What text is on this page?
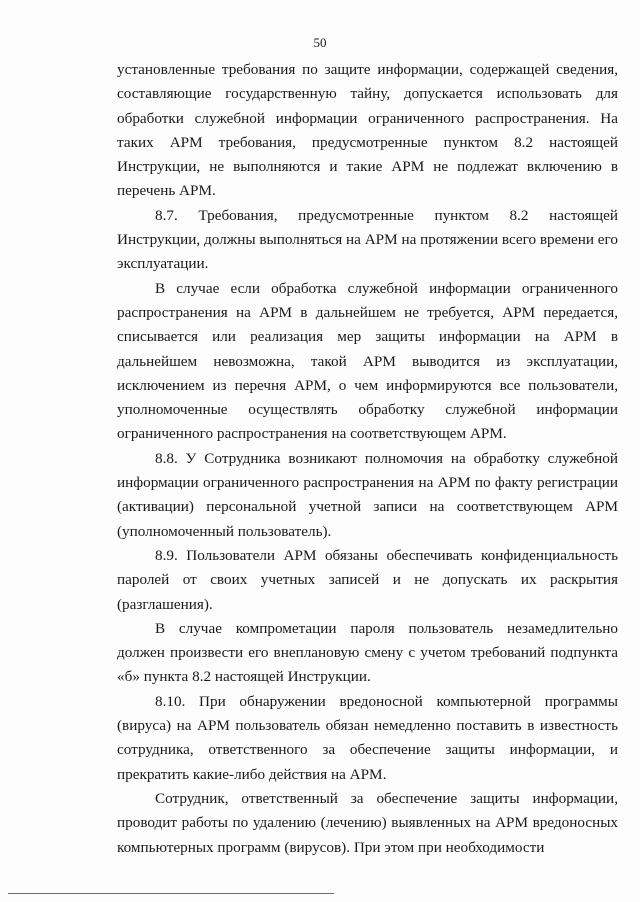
50

установленные требования по защите информации, содержащей сведения, составляющие государственную тайну, допускается использовать для обработки служебной информации ограниченного распространения. На таких АРМ требования, предусмотренные пунктом 8.2 настоящей Инструкции, не выполняются и такие АРМ не подлежат включению в перечень АРМ.

8.7. Требования, предусмотренные пунктом 8.2 настоящей Инструкции, должны выполняться на АРМ на протяжении всего времени его эксплуатации.

В случае если обработка служебной информации ограниченного распространения на АРМ в дальнейшем не требуется, АРМ передается, списывается или реализация мер защиты информации на АРМ в дальнейшем невозможна, такой АРМ выводится из эксплуатации, исключением из перечня АРМ, о чем информируются все пользователи, уполномоченные осуществлять обработку служебной информации ограниченного распространения на соответствующем АРМ.

8.8. У Сотрудника возникают полномочия на обработку служебной информации ограниченного распространения на АРМ по факту регистрации (активации) персональной учетной записи на соответствующем АРМ (уполномоченный пользователь).

8.9. Пользователи АРМ обязаны обеспечивать конфиденциальность паролей от своих учетных записей и не допускать их раскрытия (разглашения).

В случае компрометации пароля пользователь незамедлительно должен произвести его внеплановую смену с учетом требований подпункта «б» пункта 8.2 настоящей Инструкции.

8.10. При обнаружении вредоносной компьютерной программы (вируса) на АРМ пользователь обязан немедленно поставить в известность сотрудника, ответственного за обеспечение защиты информации, и прекратить какие-либо действия на АРМ.

Сотрудник, ответственный за обеспечение защиты информации, проводит работы по удалению (лечению) выявленных на АРМ вредоносных компьютерных программ (вирусов). При этом при необходимости
